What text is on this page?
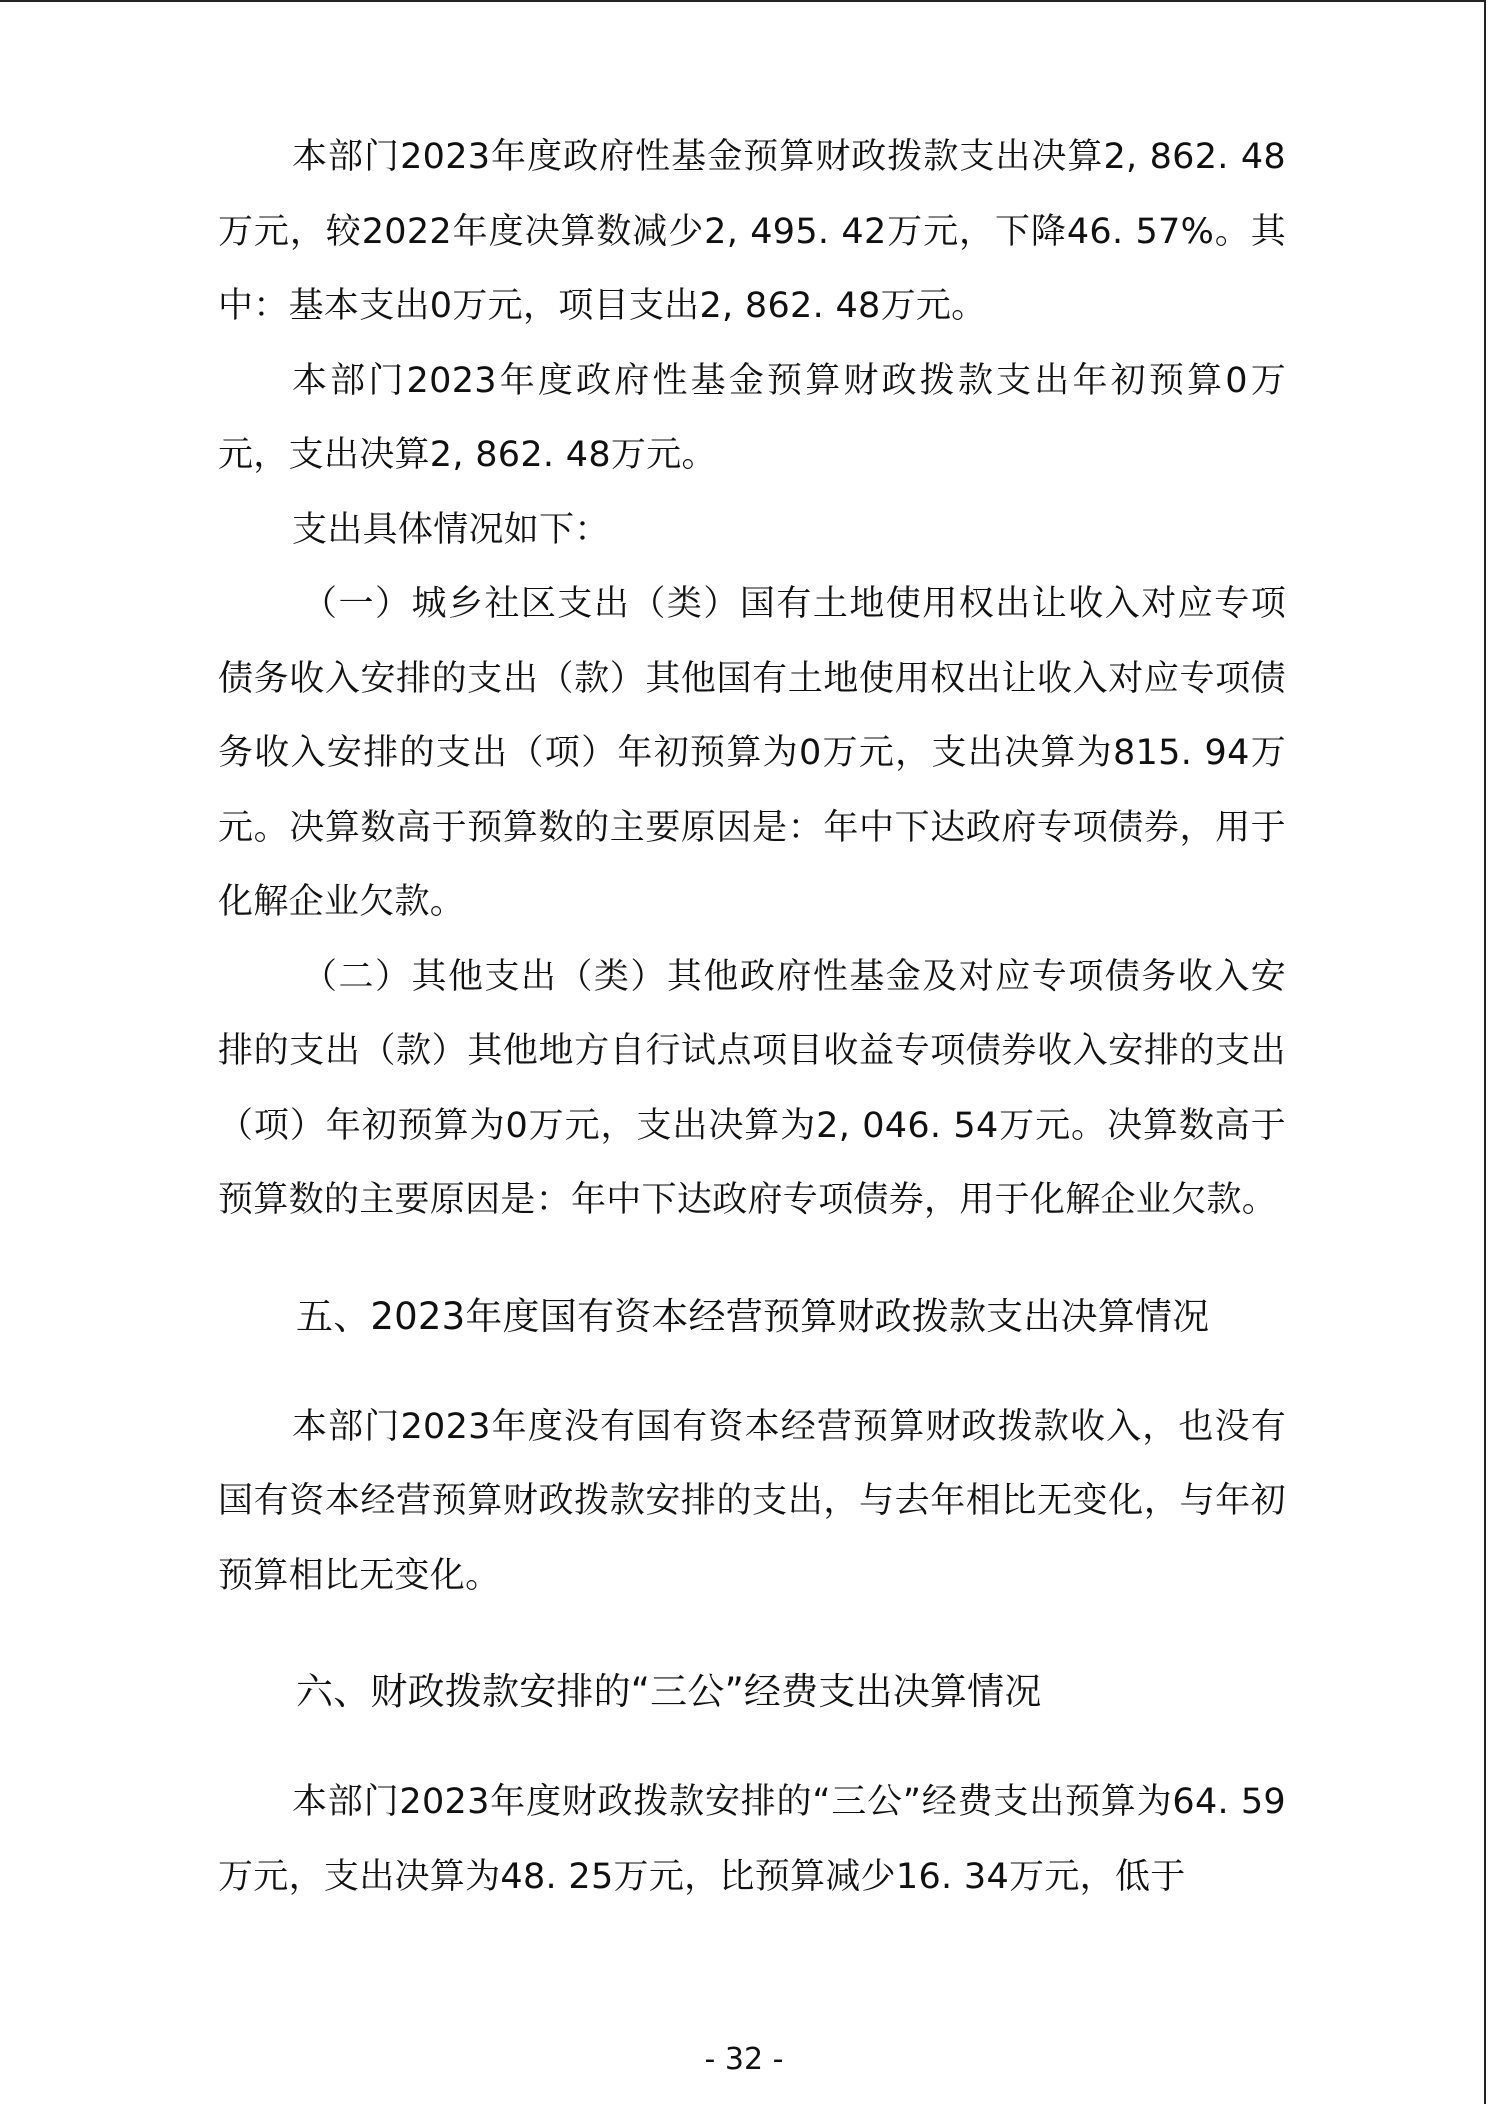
本部门2023年度政府性基金预算财政拨款支出决算2, 862. 48万元，较2022年度决算数减少2, 495. 42万元，下降46. 57%。其中：基本支出0万元，项目支出2, 862. 48万元。

本部门2023年度政府性基金预算财政拨款支出年初预算0万元，支出决算2, 862. 48万元。

支出具体情况如下：

（一）城乡社区支出（类）国有土地使用权出让收入对应专项债务收入安排的支出（款）其他国有土地使用权出让收入对应专项债务收入安排的支出（项）年初预算为0万元，支出决算为815. 94万元。决算数高于预算数的主要原因是：年中下达政府专项债券，用于化解企业欠款。

（二）其他支出（类）其他政府性基金及对应专项债务收入安排的支出（款）其他地方自行试点项目收益专项债券收入安排的支出（项）年初预算为0万元，支出决算为2, 046. 54万元。决算数高于预算数的主要原因是：年中下达政府专项债券，用于化解企业欠款。

五、2023年度国有资本经营预算财政拨款支出决算情况

本部门2023年度没有国有资本经营预算财政拨款收入，也没有国有资本经营预算财政拨款安排的支出，与去年相比无变化，与年初预算相比无变化。

六、财政拨款安排的“三公”经费支出决算情况

本部门2023年度财政拨款安排的“三公”经费支出预算为64. 59万元，支出决算为48. 25万元，比预算减少16. 34万元，低于

- 32 -
